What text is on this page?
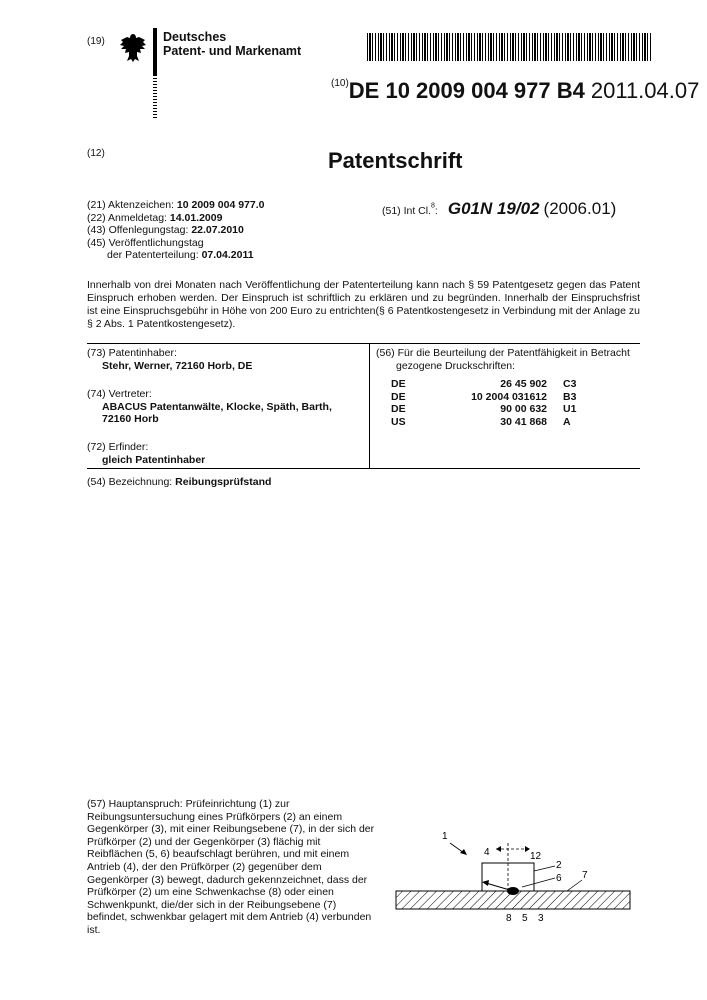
(19)	Deutsches
Patent- und Markenamt
$^{(10)}$DE 10 2009 004 977 B4 2011.04.07
(12)	Patentschrift
(21) Aktenzeichen: 10 2009 004 977.0
(22) Anmeldetag: 14.01.2009
(43) Offenlegungstag: 22.07.2010
(45) Veröffentlichungstag
der Patenterteilung: 07.04.2011
(51) Int Cl.$^8$: G01N 19/02 (2006.01)
Innerhalb von drei Monaten nach Veröffentlichung der Patenterteilung kann nach § 59 Patentgesetz gegen das Patent Einspruch erhoben werden. Der Einspruch ist schriftlich zu erklären und zu begründen. Innerhalb der Einspruchsfrist ist eine Einspruchsgebühr in Höhe von 200 Euro zu entrichten(§ 6 Patentkostengesetz in Verbindung mit der Anlage zu § 2 Abs. 1 Patentkostengesetz).
(73) Patentinhaber:
Stehr, Werner, 72160 Horb, DE
(74) Vertreter:
ABACUS Patentanwälte, Klocke, Späth, Barth,
72160 Horb
(72) Erfinder:
gleich Patentinhaber
(56) Für die Beurteilung der Patentfähigkeit in Betracht
gezogene Druckschriften:
DE	26 45 902	C3
DE	10 2004 031612	B3
DE	90 00 632	U1
US	30 41 868	A
(54) Bezeichnung: Reibungsprüfstand
(57) Hauptanspruch: Prüfeinrichtung (1) zur Reibungsuntersuchung eines Prüfkörpers (2) an einem Gegenkörper (3), mit einer Reibungsebene (7), in der sich der Prüfkörper (2) und der Gegenkörper (3) flächig mit Reibflächen (5, 6) beaufschlagt berühren, und mit einem Antrieb (4), der den Prüfkörper (2) gegenüber dem Gegenkörper (3) bewegt, dadurch gekennzeichnet, dass der Prüfkörper (2) um eine Schwenkachse (8) oder einen Schwenkpunkt, die/der sich in der Reibungsebene (7) befindet, schwenkbar gelagert mit dem Antrieb (4) verbunden ist.
1
4	12
2
6 7
8 5 3
